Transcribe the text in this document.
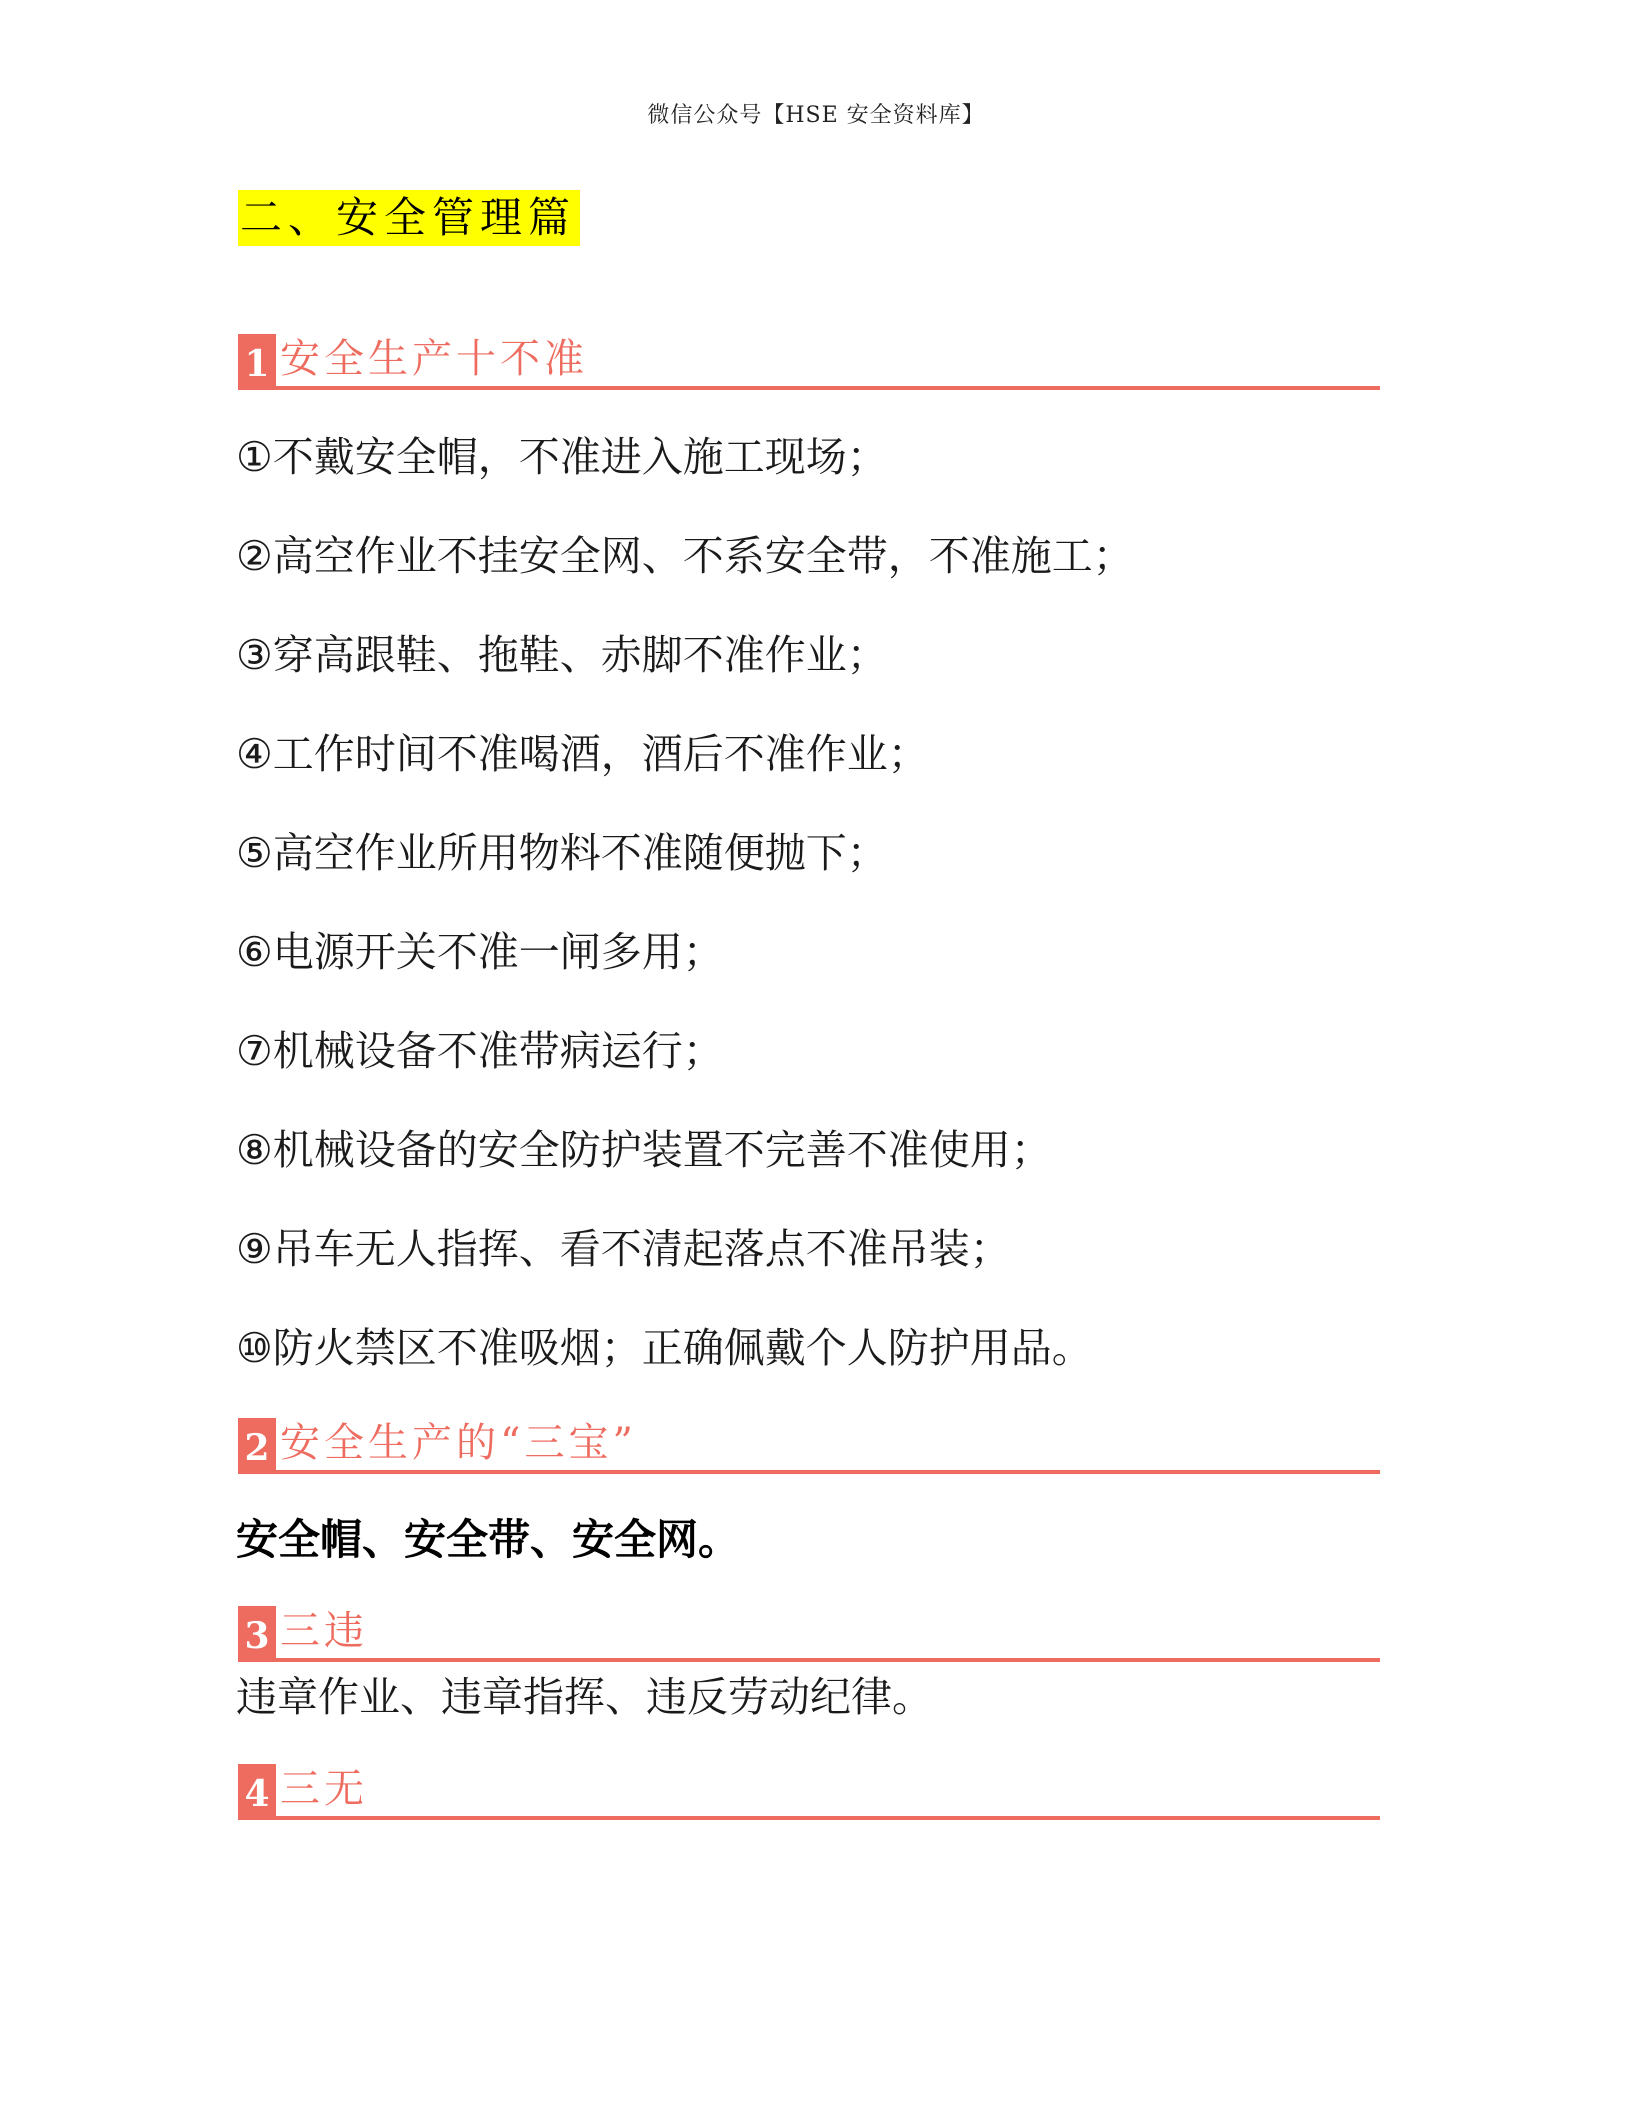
微信公众号【HSE 安全资料库】
二、安全管理篇
1 安全生产十不准
①不戴安全帽，不准进入施工现场；
②高空作业不挂安全网、不系安全带，不准施工；
③穿高跟鞋、拖鞋、赤脚不准作业；
④工作时间不准喝酒，酒后不准作业；
⑤高空作业所用物料不准随便抛下；
⑥电源开关不准一闸多用；
⑦机械设备不准带病运行；
⑧机械设备的安全防护装置不完善不准使用；
⑨吊车无人指挥、看不清起落点不准吊装；
⑩防火禁区不准吸烟；正确佩戴个人防护用品。
2 安全生产的“三宝”
安全帽、安全带、安全网。
3 三违
违章作业、违章指挥、违反劳动纪律。
4 三无
